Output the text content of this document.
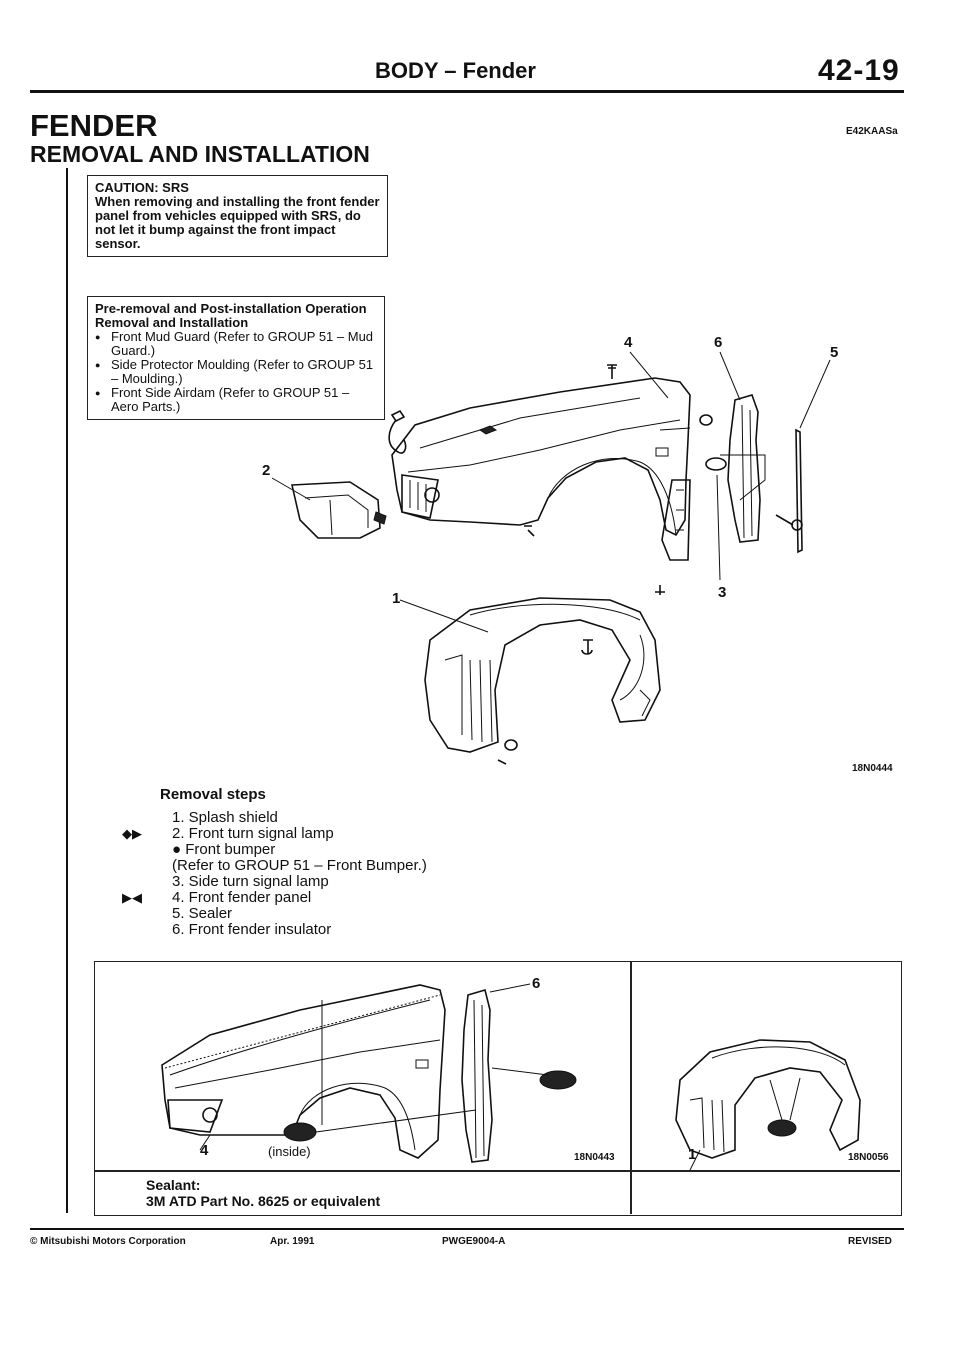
BODY – Fender	42-19
FENDER
REMOVAL AND INSTALLATION
E42KAASa
CAUTION: SRS
When removing and installing the front fender panel from vehicles equipped with SRS, do not let it bump against the front impact sensor.
Pre-removal and Post-installation Operation
Removal and Installation
● Front Mud Guard (Refer to GROUP 51 – Mud Guard.)
● Side Protector Moulding (Refer to GROUP 51 – Moulding.)
● Front Side Airdam (Refer to GROUP 51 – Aero Parts.)
4	6
5
2
3
1
18N0444
Removal steps
1. Splash shield
◆▶ 2. Front turn signal lamp
● Front bumper
(Refer to GROUP 51 – Front Bumper.)
3. Side turn signal lamp
▶◀ 4. Front fender panel
5. Sealer
6. Front fender insulator
6
4	(inside)	18N0443	1	18N0056
Sealant:
3M ATD Part No. 8625 or equivalent
© Mitsubishi Motors Corporation	Apr. 1991	PWGE9004-A	REVISED
